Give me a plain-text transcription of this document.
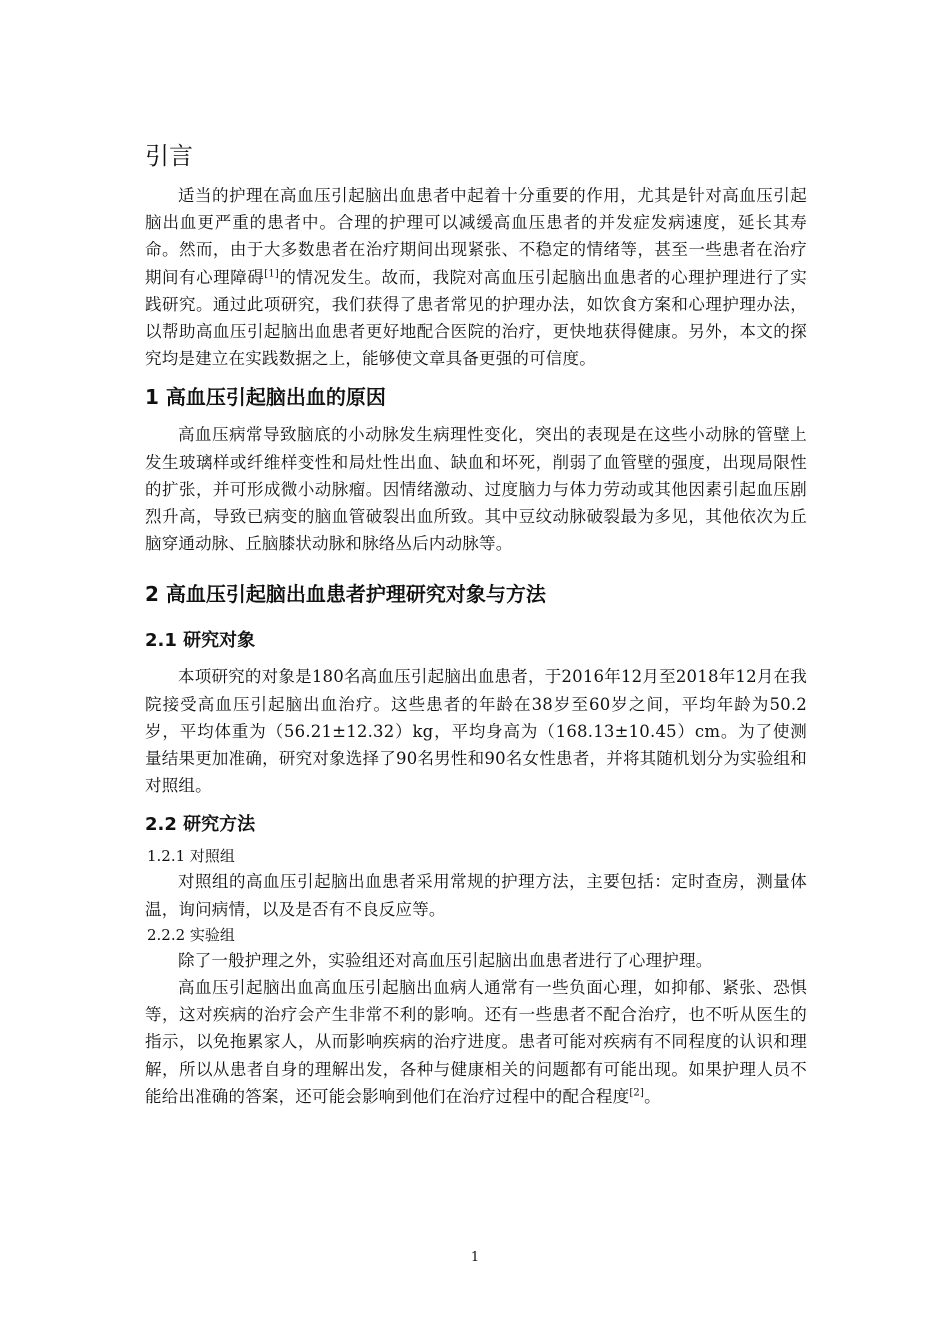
引言

适当的护理在高血压引起脑出血患者中起着十分重要的作用，尤其是针对高血压引起脑出血更严重的患者中。合理的护理可以减缓高血压患者的并发症发病速度，延长其寿命。然而，由于大多数患者在治疗期间出现紧张、不稳定的情绪等，甚至一些患者在治疗期间有心理障碍[1]的情况发生。故而，我院对高血压引起脑出血患者的心理护理进行了实践研究。通过此项研究，我们获得了患者常见的护理办法，如饮食方案和心理护理办法，以帮助高血压引起脑出血患者更好地配合医院的治疗，更快地获得健康。另外，本文的探究均是建立在实践数据之上，能够使文章具备更强的可信度。

1 高血压引起脑出血的原因

高血压病常导致脑底的小动脉发生病理性变化，突出的表现是在这些小动脉的管壁上发生玻璃样或纤维样变性和局灶性出血、缺血和坏死，削弱了血管壁的强度，出现局限性的扩张，并可形成微小动脉瘤。因情绪激动、过度脑力与体力劳动或其他因素引起血压剧烈升高，导致已病变的脑血管破裂出血所致。其中豆纹动脉破裂最为多见，其他依次为丘脑穿通动脉、丘脑膝状动脉和脉络丛后内动脉等。

2 高血压引起脑出血患者护理研究对象与方法
2.1 研究对象

本项研究的对象是180名高血压引起脑出血患者，于2016年12月至2018年12月在我院接受高血压引起脑出血治疗。这些患者的年龄在38岁至60岁之间，平均年龄为50.2岁，平均体重为（56.21±12.32）kg，平均身高为（168.13±10.45）cm。为了使测量结果更加准确，研究对象选择了90名男性和90名女性患者，并将其随机划分为实验组和对照组。

2.2 研究方法
1.2.1 对照组

对照组的高血压引起脑出血患者采用常规的护理方法，主要包括：定时查房，测量体温，询问病情，以及是否有不良反应等。

2.2.2 实验组

除了一般护理之外，实验组还对高血压引起脑出血患者进行了心理护理。

高血压引起脑出血高血压引起脑出血病人通常有一些负面心理，如抑郁、紧张、恐惧等，这对疾病的治疗会产生非常不利的影响。还有一些患者不配合治疗，也不听从医生的指示，以免拖累家人，从而影响疾病的治疗进度。患者可能对疾病有不同程度的认识和理解，所以从患者自身的理解出发，各种与健康相关的问题都有可能出现。如果护理人员不能给出准确的答案，还可能会影响到他们在治疗过程中的配合程度[2]。

1
